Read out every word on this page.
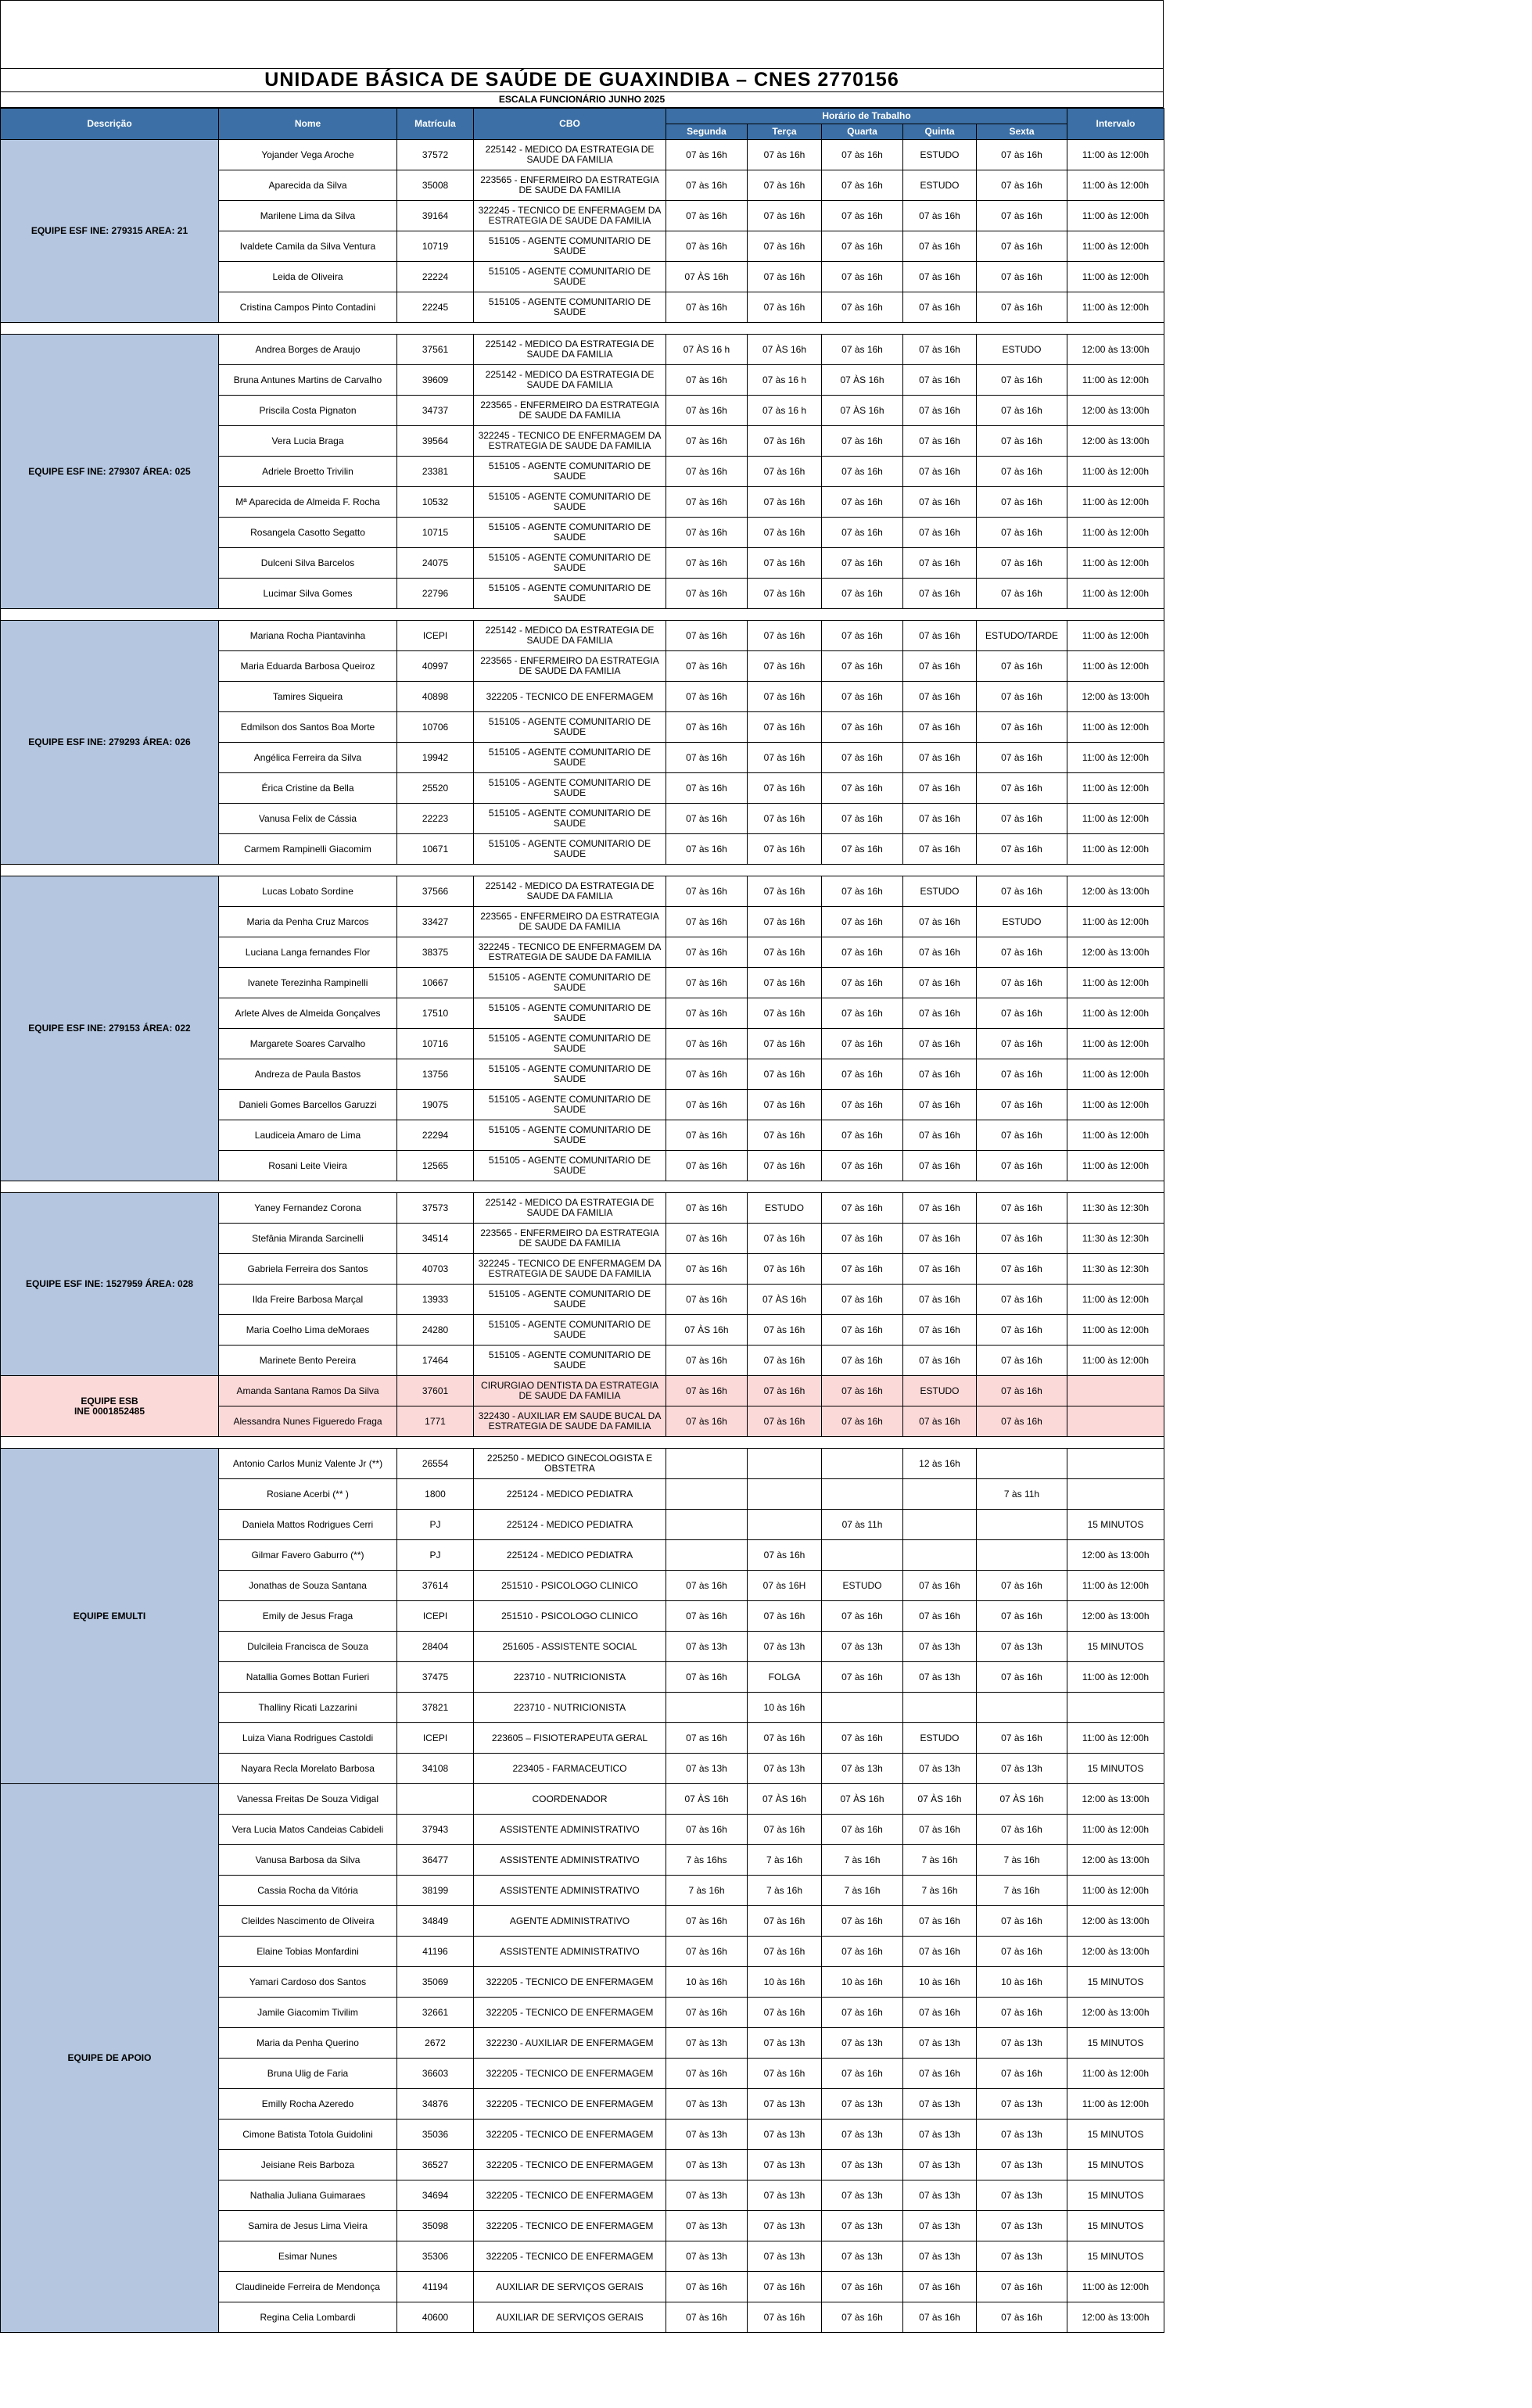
UNIDADE BÁSICA DE SAÚDE DE GUAXINDIBA – CNES 2770156
ESCALA FUNCIONÁRIO JUNHO 2025
Descrição	Nome	Matrícula	CBO	Horário de Trabalho					Intervalo
				Segunda	Terça	Quarta	Quinta	Sexta	
EQUIPE ESF INE: 279315 AREA: 21	Yojander Vega Aroche	37572	225142 - MEDICO DA ESTRATEGIA DE SAUDE DA FAMILIA	07 às 16h	07 às 16h	07 às 16h	ESTUDO	07 às 16h	11:00 às 12:00h
	Aparecida da Silva	35008	223565 - ENFERMEIRO DA ESTRATEGIA DE SAUDE DA FAMILIA	07 às 16h	07 às 16h	07 às 16h	ESTUDO	07 às 16h	11:00 às 12:00h
	Marilene Lima da Silva	39164	322245 - TECNICO DE ENFERMAGEM DA ESTRATEGIA DE SAUDE DA FAMILIA	07 às 16h	07 às 16h	07 às 16h	07 às 16h	07 às 16h	11:00 às 12:00h
	Ivaldete Camila da Silva Ventura	10719	515105 - AGENTE COMUNITARIO DE SAUDE	07 às 16h	07 às 16h	07 às 16h	07 às 16h	07 às 16h	11:00 às 12:00h
	Leida de Oliveira	22224	515105 - AGENTE COMUNITARIO DE SAUDE	07 ÀS 16h	07 às 16h	07 às 16h	07 às 16h	07 às 16h	11:00 às 12:00h
	Cristina Campos Pinto Contadini	22245	515105 - AGENTE COMUNITARIO DE SAUDE	07 às 16h	07 às 16h	07 às 16h	07 às 16h	07 às 16h	11:00 às 12:00h

EQUIPE ESF INE: 279307 ÁREA: 025	Andrea Borges de Araujo	37561	225142 - MEDICO DA ESTRATEGIA DE SAUDE DA FAMILIA	07 ÀS 16 h	07 ÀS 16h	07 às 16h	07 às 16h	ESTUDO	12:00 às 13:00h
	Bruna Antunes Martins de Carvalho	39609	225142 - MEDICO DA ESTRATEGIA DE SAUDE DA FAMILIA	07 às 16h	07 às 16 h	07 ÀS 16h	07 às 16h	07 às 16h	11:00 às 12:00h
	Priscila Costa Pignaton	34737	223565 - ENFERMEIRO DA ESTRATEGIA DE SAUDE DA FAMILIA	07 às 16h	07 às 16 h	07 ÀS 16h	07 às 16h	07 às 16h	12:00 às 13:00h
	Vera Lucia Braga	39564	322245 - TECNICO DE ENFERMAGEM DA ESTRATEGIA DE SAUDE DA FAMILIA	07 às 16h	07 às 16h	07 às 16h	07 às 16h	07 às 16h	12:00 às 13:00h
	Adriele Broetto Trivilin	23381	515105 - AGENTE COMUNITARIO DE SAUDE	07 às 16h	07 às 16h	07 às 16h	07 às 16h	07 às 16h	11:00 às 12:00h
	Mª Aparecida de Almeida F. Rocha	10532	515105 - AGENTE COMUNITARIO DE SAUDE	07 às 16h	07 às 16h	07 às 16h	07 às 16h	07 às 16h	11:00 às 12:00h
	Rosangela Casotto Segatto	10715	515105 - AGENTE COMUNITARIO DE SAUDE	07 às 16h	07 às 16h	07 às 16h	07 às 16h	07 às 16h	11:00 às 12:00h
	Dulceni Silva Barcelos	24075	515105 - AGENTE COMUNITARIO DE SAUDE	07 às 16h	07 às 16h	07 às 16h	07 às 16h	07 às 16h	11:00 às 12:00h
	Lucimar Silva Gomes	22796	515105 - AGENTE COMUNITARIO DE SAUDE	07 às 16h	07 às 16h	07 às 16h	07 às 16h	07 às 16h	11:00 às 12:00h

EQUIPE ESF INE: 279293 ÁREA: 026	Mariana Rocha Piantavinha	ICEPI	225142 - MEDICO DA ESTRATEGIA DE SAUDE DA FAMILIA	07 às 16h	07 às 16h	07 às 16h	07 às 16h	ESTUDO/TARDE	11:00 às 12:00h
	Maria Eduarda Barbosa Queiroz	40997	223565 - ENFERMEIRO DA ESTRATEGIA DE SAUDE DA FAMILIA	07 às 16h	07 às 16h	07 às 16h	07 às 16h	07 às 16h	11:00 às 12:00h
	Tamires Siqueira	40898	322205 - TECNICO DE ENFERMAGEM	07 às 16h	07 às 16h	07 às 16h	07 às 16h	07 às 16h	12:00 às 13:00h
	Edmilson dos Santos Boa Morte	10706	515105 - AGENTE COMUNITARIO DE SAUDE	07 às 16h	07 às 16h	07 às 16h	07 às 16h	07 às 16h	11:00 às 12:00h
	Angélica Ferreira da Silva	19942	515105 - AGENTE COMUNITARIO DE SAUDE	07 às 16h	07 às 16h	07 às 16h	07 às 16h	07 às 16h	11:00 às 12:00h
	Érica Cristine da Bella	25520	515105 - AGENTE COMUNITARIO DE SAUDE	07 às 16h	07 às 16h	07 às 16h	07 às 16h	07 às 16h	11:00 às 12:00h
	Vanusa Felix de Cássia	22223	515105 - AGENTE COMUNITARIO DE SAUDE	07 às 16h	07 às 16h	07 às 16h	07 às 16h	07 às 16h	11:00 às 12:00h
	Carmem Rampinelli Giacomim	10671	515105 - AGENTE COMUNITARIO DE SAUDE	07 às 16h	07 às 16h	07 às 16h	07 às 16h	07 às 16h	11:00 às 12:00h

EQUIPE ESF INE: 279153 ÁREA: 022	Lucas Lobato Sordine	37566	225142 - MEDICO DA ESTRATEGIA DE SAUDE DA FAMILIA	07 às 16h	07 às 16h	07 às 16h	ESTUDO	07 às 16h	12:00 às 13:00h
	Maria da Penha Cruz Marcos	33427	223565 - ENFERMEIRO DA ESTRATEGIA DE SAUDE DA FAMILIA	07 às 16h	07 às 16h	07 às 16h	07 às 16h	ESTUDO	11:00 às 12:00h
	Luciana Langa fernandes Flor	38375	322245 - TECNICO DE ENFERMAGEM DA ESTRATEGIA DE SAUDE DA FAMILIA	07 às 16h	07 às 16h	07 às 16h	07 às 16h	07 às 16h	12:00 às 13:00h
	Ivanete Terezinha Rampinelli	10667	515105 - AGENTE COMUNITARIO DE SAUDE	07 às 16h	07 às 16h	07 às 16h	07 às 16h	07 às 16h	11:00 às 12:00h
	Arlete Alves de Almeida Gonçalves	17510	515105 - AGENTE COMUNITARIO DE SAUDE	07 às 16h	07 às 16h	07 às 16h	07 às 16h	07 às 16h	11:00 às 12:00h
	Margarete Soares Carvalho	10716	515105 - AGENTE COMUNITARIO DE SAUDE	07 às 16h	07 às 16h	07 às 16h	07 às 16h	07 às 16h	11:00 às 12:00h
	Andreza de Paula Bastos	13756	515105 - AGENTE COMUNITARIO DE SAUDE	07 às 16h	07 às 16h	07 às 16h	07 às 16h	07 às 16h	11:00 às 12:00h
	Danieli Gomes Barcellos Garuzzi	19075	515105 - AGENTE COMUNITARIO DE SAUDE	07 às 16h	07 às 16h	07 às 16h	07 às 16h	07 às 16h	11:00 às 12:00h
	Laudiceia Amaro de Lima	22294	515105 - AGENTE COMUNITARIO DE SAUDE	07 às 16h	07 às 16h	07 às 16h	07 às 16h	07 às 16h	11:00 às 12:00h
	Rosani Leite Vieira	12565	515105 - AGENTE COMUNITARIO DE SAUDE	07 às 16h	07 às 16h	07 às 16h	07 às 16h	07 às 16h	11:00 às 12:00h

EQUIPE ESF INE: 1527959 ÁREA: 028	Yaney Fernandez Corona	37573	225142 - MEDICO DA ESTRATEGIA DE SAUDE DA FAMILIA	07 às 16h	ESTUDO	07 às 16h	07 às 16h	07 às 16h	11:30 às 12:30h
	Stefânia Miranda Sarcinelli	34514	223565 - ENFERMEIRO DA ESTRATEGIA DE SAUDE DA FAMILIA	07 às 16h	07 às 16h	07 às 16h	07 às 16h	07 às 16h	11:30 às 12:30h
	Gabriela Ferreira dos Santos	40703	322245 - TECNICO DE ENFERMAGEM DA ESTRATEGIA DE SAUDE DA FAMILIA	07 às 16h	07 às 16h	07 às 16h	07 às 16h	07 às 16h	11:30 às 12:30h
	Ilda Freire Barbosa Marçal	13933	515105 - AGENTE COMUNITARIO DE SAUDE	07 às 16h	07 ÀS 16h	07 às 16h	07 às 16h	07 às 16h	11:00 às 12:00h
	Maria Coelho Lima deMoraes	24280	515105 - AGENTE COMUNITARIO DE SAUDE	07 ÀS 16h	07 às 16h	07 às 16h	07 às 16h	07 às 16h	11:00 às 12:00h
	Marinete Bento Pereira	17464	515105 - AGENTE COMUNITARIO DE SAUDE	07 às 16h	07 às 16h	07 às 16h	07 às 16h	07 às 16h	11:00 às 12:00h
EQUIPE ESB
INE 0001852485	Amanda Santana Ramos Da Silva	37601	CIRURGIAO DENTISTA DA ESTRATEGIA DE SAUDE DA FAMILIA	07 às 16h	07 às 16h	07 às 16h	ESTUDO	07 às 16h	
	Alessandra Nunes Figueredo Fraga	1771	322430 - AUXILIAR EM SAUDE BUCAL DA ESTRATEGIA DE SAUDE DA FAMILIA	07 às 16h	07 às 16h	07 às 16h	07 às 16h	07 às 16h	

EQUIPE EMULTI	Antonio Carlos Muniz Valente Jr (**)	26554	225250 - MEDICO GINECOLOGISTA E OBSTETRA				12 às 16h		
	Rosiane Acerbi (** )	1800	225124 - MEDICO PEDIATRA					7 às 11h	
	Daniela Mattos Rodrigues Cerri	PJ	225124 - MEDICO PEDIATRA			07 às 11h			15 MINUTOS
	Gilmar Favero Gaburro (**)	PJ	225124 - MEDICO PEDIATRA		07 às 16h				12:00 às 13:00h
	Jonathas de Souza Santana	37614	251510 - PSICOLOGO CLINICO	07 às 16h	07 às 16H	ESTUDO	07 às 16h	07 às 16h	11:00 às 12:00h
	Emily de Jesus Fraga	ICEPI	251510 - PSICOLOGO CLINICO	07 às 16h	07 às 16h	07 às 16h	07 às 16h	07 às 16h	12:00 às 13:00h
	Dulcileia Francisca de Souza	28404	251605 - ASSISTENTE SOCIAL	07 às 13h	07 às 13h	07 às 13h	07 às 13h	07 às 13h	15 MINUTOS
	Natallia Gomes Bottan Furieri	37475	223710 - NUTRICIONISTA	07 às 16h	FOLGA	07 às 16h	07 às 13h	07 às 16h	11:00 às 12:00h
	Thalliny Ricati Lazzarini	37821	223710 - NUTRICIONISTA		10 às 16h				
	Luiza Viana Rodrigues Castoldi	ICEPI	223605 – FISIOTERAPEUTA GERAL	07 as 16h	07 às 16h	07 às 16h	ESTUDO	07 às 16h	11:00 às 12:00h
	Nayara Recla Morelato Barbosa	34108	223405 - FARMACEUTICO	07 às 13h	07 às 13h	07 às 13h	07 às 13h	07 às 13h	15 MINUTOS
EQUIPE DE APOIO	Vanessa Freitas De Souza Vidigal		COORDENADOR	07 ÀS 16h	07 ÀS 16h	07 ÀS 16h	07 ÀS 16h	07 ÀS 16h	12:00 às 13:00h
	Vera Lucia Matos Candeias Cabideli	37943	ASSISTENTE ADMINISTRATIVO	07 às 16h	07 às 16h	07 às 16h	07 às 16h	07 às 16h	11:00 às 12:00h
	Vanusa Barbosa da Silva	36477	ASSISTENTE ADMINISTRATIVO	7 às 16hs	7 às 16h	7 às 16h	7 às 16h	7 às 16h	12:00 às 13:00h
	Cassia Rocha da Vitória	38199	ASSISTENTE ADMINISTRATIVO	7 às 16h	7 às 16h	7 às 16h	7 às 16h	7 às 16h	11:00 às 12:00h
	Cleildes Nascimento de Oliveira	34849	AGENTE ADMINISTRATIVO	07 às 16h	07 às 16h	07 às 16h	07 às 16h	07 às 16h	12:00 às 13:00h
	Elaine Tobias Monfardini	41196	ASSISTENTE ADMINISTRATIVO	07 às 16h	07 às 16h	07 às 16h	07 às 16h	07 às 16h	12:00 às 13:00h
	Yamari Cardoso dos Santos	35069	322205 - TECNICO DE ENFERMAGEM	10 às 16h	10 às 16h	10 às 16h	10 às 16h	10 às 16h	15 MINUTOS
	Jamile Giacomim Tivilim	32661	322205 - TECNICO DE ENFERMAGEM	07 às 16h	07 às 16h	07 às 16h	07 às 16h	07 às 16h	12:00 às 13:00h
	Maria da Penha Querino	2672	322230 - AUXILIAR DE ENFERMAGEM	07 às 13h	07 às 13h	07 às 13h	07 às 13h	07 às 13h	15 MINUTOS
	Bruna Ulig de Faria	36603	322205 - TECNICO DE ENFERMAGEM	07 às 16h	07 às 16h	07 às 16h	07 às 16h	07 às 16h	11:00 às 12:00h
	Emilly Rocha Azeredo	34876	322205 - TECNICO DE ENFERMAGEM	07 às 13h	07 às 13h	07 às 13h	07 às 13h	07 às 13h	11:00 às 12:00h
	Cimone Batista Totola Guidolini	35036	322205 - TECNICO DE ENFERMAGEM	07 às 13h	07 às 13h	07 às 13h	07 às 13h	07 às 13h	15 MINUTOS
	Jeisiane Reis Barboza	36527	322205 - TECNICO DE ENFERMAGEM	07 às 13h	07 às 13h	07 às 13h	07 às 13h	07 às 13h	15 MINUTOS
	Nathalia Juliana Guimaraes	34694	322205 - TECNICO DE ENFERMAGEM	07 às 13h	07 às 13h	07 às 13h	07 às 13h	07 às 13h	15 MINUTOS
	Samira de Jesus Lima Vieira	35098	322205 - TECNICO DE ENFERMAGEM	07 às 13h	07 às 13h	07 às 13h	07 às 13h	07 às 13h	15 MINUTOS
	Esimar Nunes	35306	322205 - TECNICO DE ENFERMAGEM	07 às 13h	07 às 13h	07 às 13h	07 às 13h	07 às 13h	15 MINUTOS
	Claudineide Ferreira de Mendonça	41194	AUXILIAR DE SERVIÇOS GERAIS	07 às 16h	07 às 16h	07 às 16h	07 às 16h	07 às 16h	11:00 às 12:00h
	Regina Celia Lombardi	40600	AUXILIAR DE SERVIÇOS GERAIS	07 às 16h	07 às 16h	07 às 16h	07 às 16h	07 às 16h	12:00 às 13:00h
